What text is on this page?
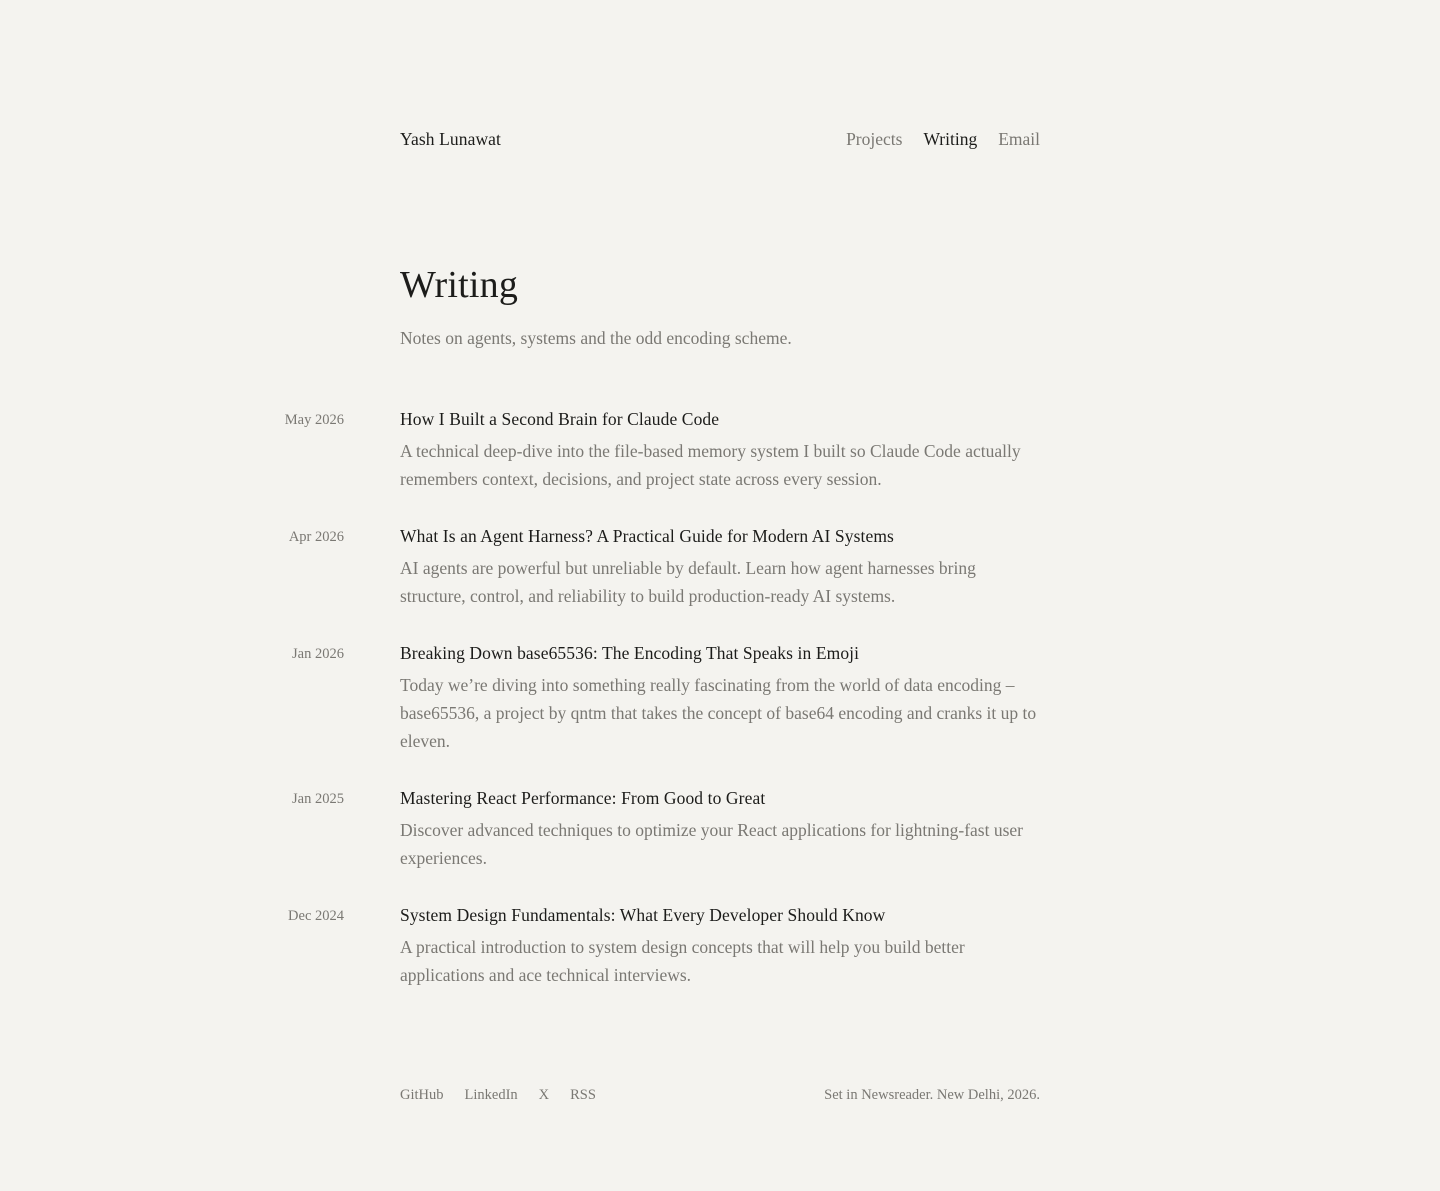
Yash Lunawat	Projects Writing Email
Writing

Notes on agents, systems and the odd encoding scheme.

May 2026	How I Built a Second Brain for Claude Code

A technical deep-dive into the file-based memory system I built so Claude Code actually remembers context, decisions, and project state across every session.

Apr 2026	What Is an Agent Harness? A Practical Guide for Modern AI Systems

AI agents are powerful but unreliable by default. Learn how agent harnesses bring structure, control, and reliability to build production-ready AI systems.

Jan 2026	Breaking Down base65536: The Encoding That Speaks in Emoji

Today we’re diving into something really fascinating from the world of data encoding – base65536, a project by qntm that takes the concept of base64 encoding and cranks it up to eleven.

Jan 2025	Mastering React Performance: From Good to Great

Discover advanced techniques to optimize your React applications for lightning-fast user experiences.

Dec 2024	System Design Fundamentals: What Every Developer Should Know

A practical introduction to system design concepts that will help you build better applications and ace technical interviews.

GitHub LinkedIn X RSS	Set in Newsreader. New Delhi, 2026.
